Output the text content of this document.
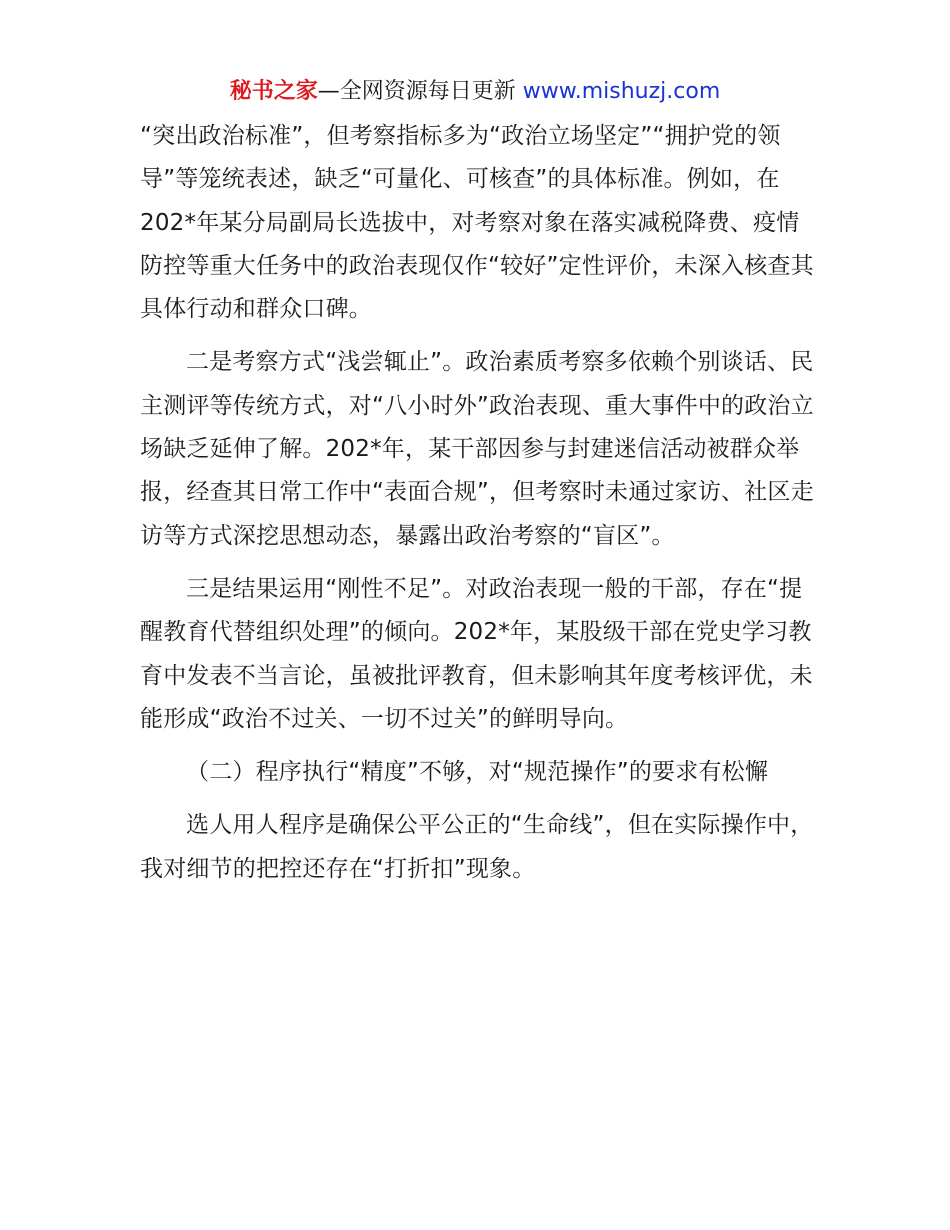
秘书之家—全网资源每日更新 www.mishuzj.com

“突出政治标准”，但考察指标多为“政治立场坚定”“拥护党的领导”等笼统表述，缺乏“可量化、可核查”的具体标准。例如，在202*年某分局副局长选拔中，对考察对象在落实减税降费、疫情防控等重大任务中的政治表现仅作“较好”定性评价，未深入核查其具体行动和群众口碑。

二是考察方式“浅尝辄止”。政治素质考察多依赖个别谈话、民主测评等传统方式，对“八小时外”政治表现、重大事件中的政治立场缺乏延伸了解。202*年，某干部因参与封建迷信活动被群众举报，经查其日常工作中“表面合规”，但考察时未通过家访、社区走访等方式深挖思想动态，暴露出政治考察的“盲区”。

三是结果运用“刚性不足”。对政治表现一般的干部，存在“提醒教育代替组织处理”的倾向。202*年，某股级干部在党史学习教育中发表不当言论，虽被批评教育，但未影响其年度考核评优，未能形成“政治不过关、一切不过关”的鲜明导向。

（二）程序执行“精度”不够，对“规范操作”的要求有松懈

选人用人程序是确保公平公正的“生命线”，但在实际操作中，我对细节的把控还存在“打折扣”现象。
